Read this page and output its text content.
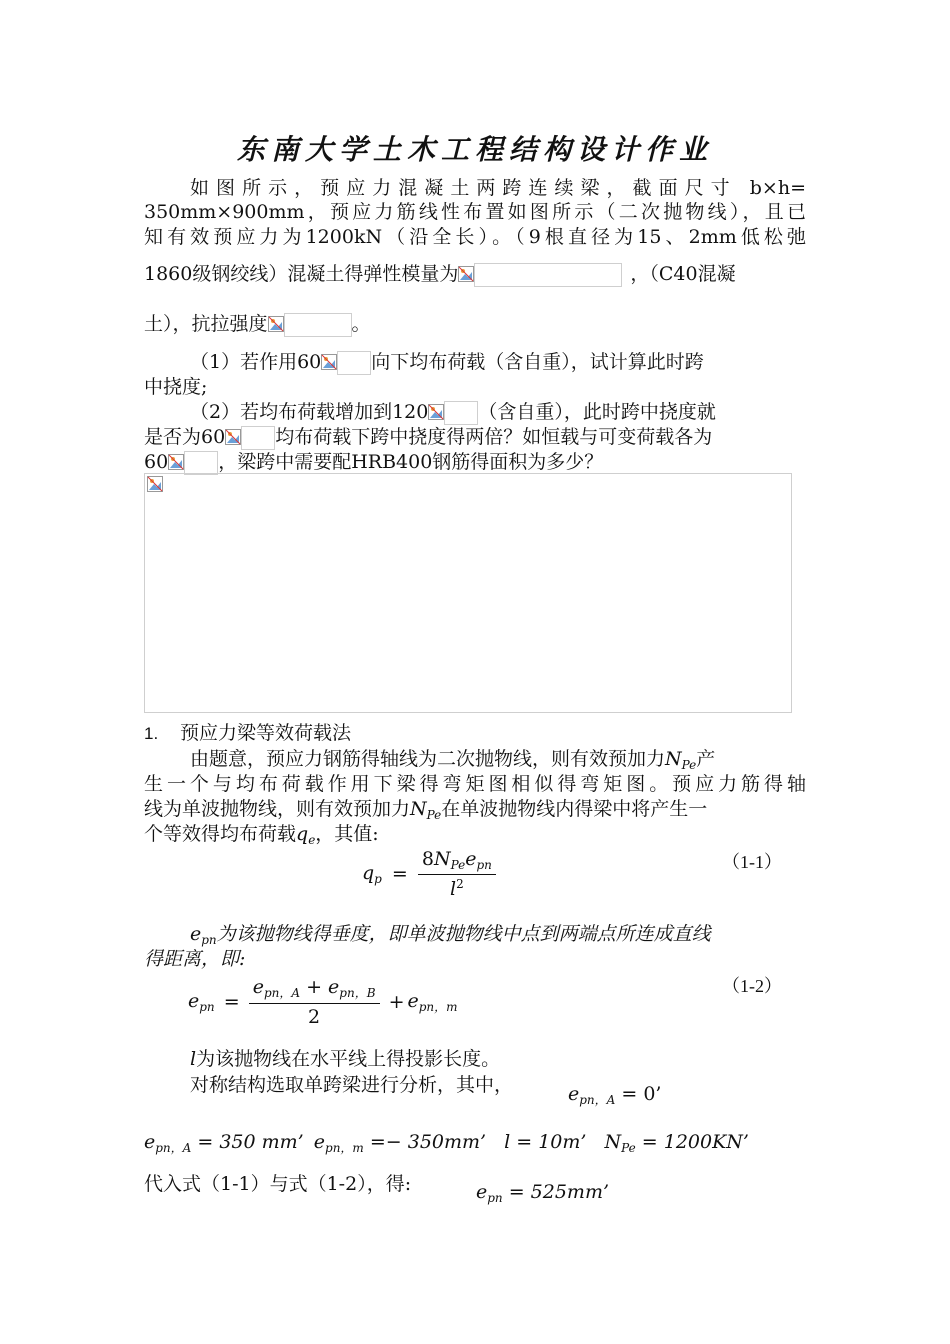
东南大学土木工程结构设计作业
如图所示，预应力混凝土两跨连续梁，截面尺寸 b×h=
350mm×900mm，预应力筋线性布置如图所示（二次抛物线），且已
知有效预应力为1200kN（沿全长）。（9根直径为15、2mm低松弛
1860级钢绞线）混凝土得弹性模量为	，（C40混凝
土），抗拉强度	。
（1）若作用60	向下均布荷载（含自重），试计算此时跨
中挠度;
（2）若均布荷载增加到120	（含自重），此时跨中挠度就
是否为60	均布荷载下跨中挠度得两倍？如恒载与可变荷载各为
60	，梁跨中需要配HRB400钢筋得面积为多少？
1. 预应力梁等效荷载法
由题意，预应力钢筋得轴线为二次抛物线，则有效预加力$N_{Pe}$产
生一个与均布荷载作用下梁得弯矩图相似得弯矩图。预应力筋得轴
线为单波抛物线，则有效预加力$N_{Pe}$在单波抛物线内得梁中将产生一
个等效得均布荷载$q_e$，其值:
$q_p = \frac{8N_{Pe}e_{pn}}{l^2}$	（1-1）
$e_{pn}$为该抛物线得垂度，即单波抛物线中点到两端点所连成直线
得距离，即:
$e_{pn} = \frac{e_{pn,A} + e_{pn,B}}{2} + e_{pn,m}$
（1-2）
l为该抛物线在水平线上得投影长度。
对称结构选取单跨梁进行分析，其中，	$e_{pn,A} = 0$’
$e_{pn,A} = 350$ mm’ $e_{pn,m} =- 350mm$’ l = 10m’ $N_{Pe} = 1200KN$’
代入式（1-1）与式（1-2），得:	$e_{pn} = 525mm$’
